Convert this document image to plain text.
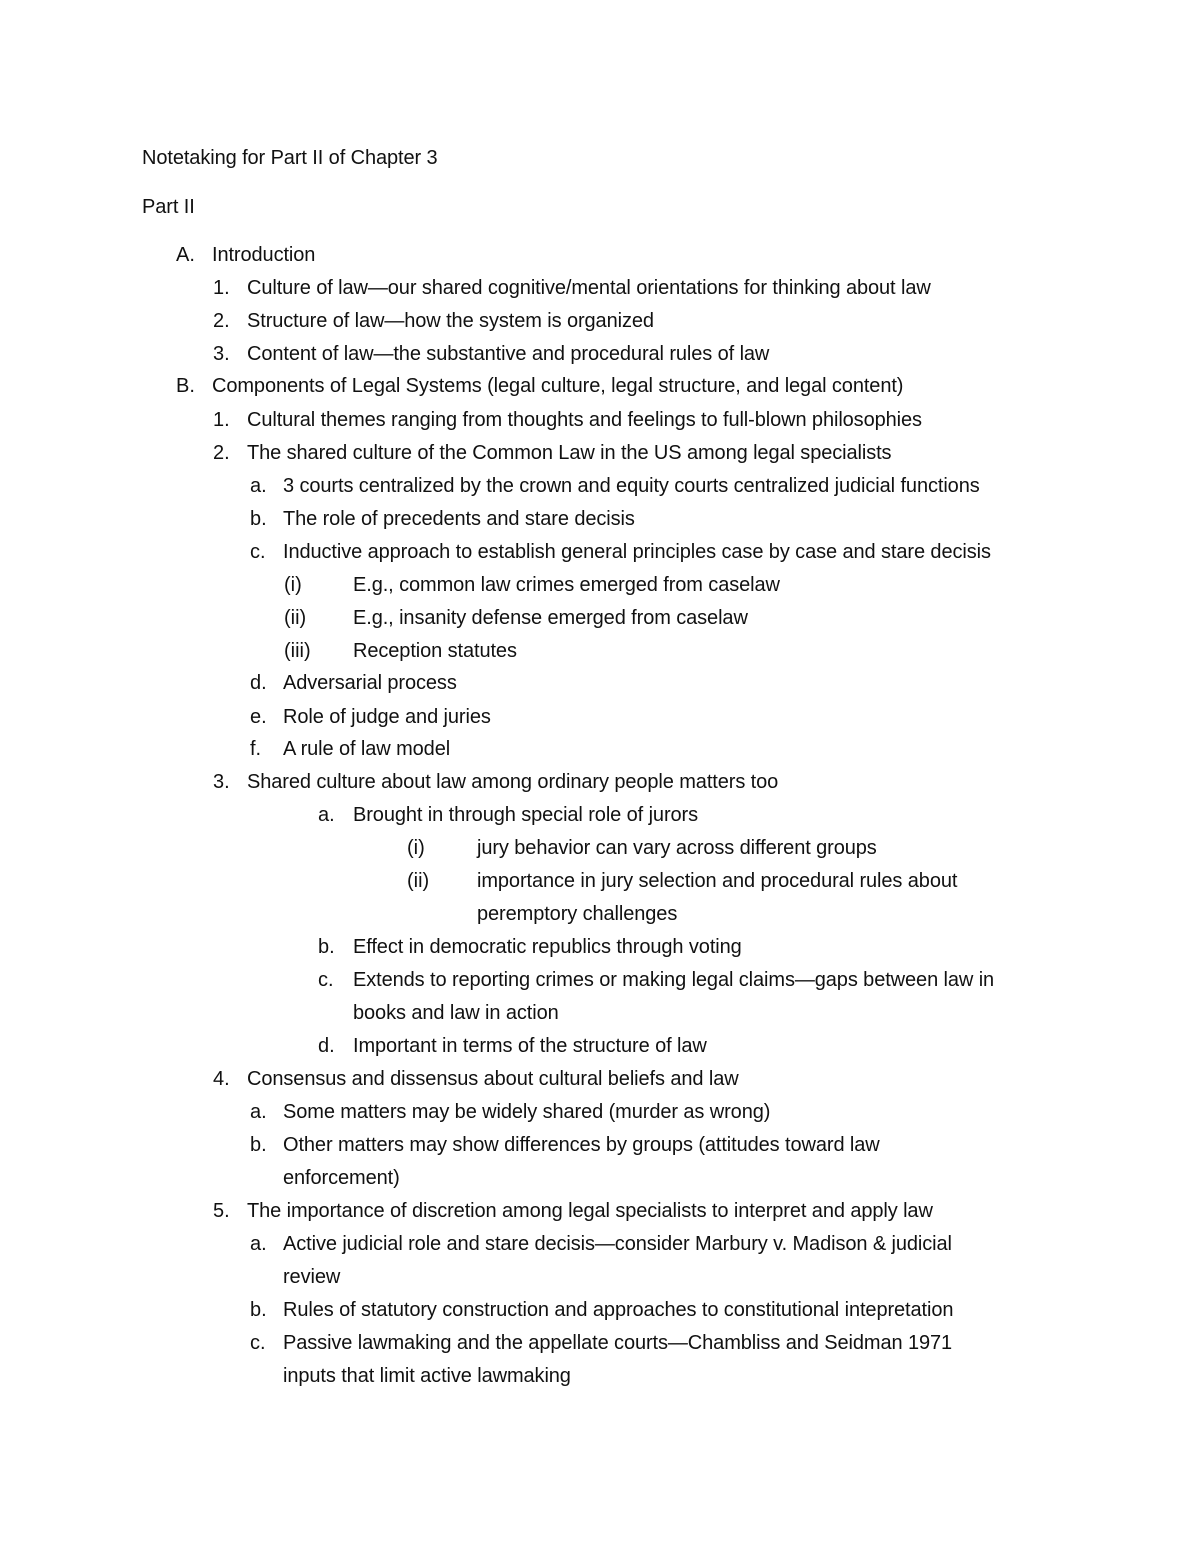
Notetaking for Part II of Chapter 3
Part II
A. Introduction
1. Culture of law—our shared cognitive/mental orientations for thinking about law
2. Structure of law—how the system is organized
3. Content of law—the substantive and procedural rules of law
B. Components of Legal Systems (legal culture, legal structure, and legal content)
1. Cultural themes ranging from thoughts and feelings to full-blown philosophies
2. The shared culture of the Common Law in the US among legal specialists
a. 3 courts centralized by the crown and equity courts centralized judicial functions
b. The role of precedents and stare decisis
c. Inductive approach to establish general principles case by case and stare decisis
(i)	E.g., common law crimes emerged from caselaw
(ii) E.g., insanity defense emerged from caselaw
(iii) Reception statutes
d. Adversarial process
e. Role of judge and juries
f. A rule of law model
3. Shared culture about law among ordinary people matters too
a. Brought in through special role of jurors
(i)	jury behavior can vary across different groups
(ii) importance in jury selection and procedural rules about
peremptory challenges
b. Effect in democratic republics through voting
c. Extends to reporting crimes or making legal claims—gaps between law in
books and law in action
d. Important in terms of the structure of law
4. Consensus and dissensus about cultural beliefs and law
a. Some matters may be widely shared (murder as wrong)
b. Other matters may show differences by groups (attitudes toward law
enforcement)
5. The importance of discretion among legal specialists to interpret and apply law
a. Active judicial role and stare decisis—consider Marbury v. Madison & judicial
review
b. Rules of statutory construction and approaches to constitutional intepretation
c. Passive lawmaking and the appellate courts—Chambliss and Seidman 1971
inputs that limit active lawmaking
